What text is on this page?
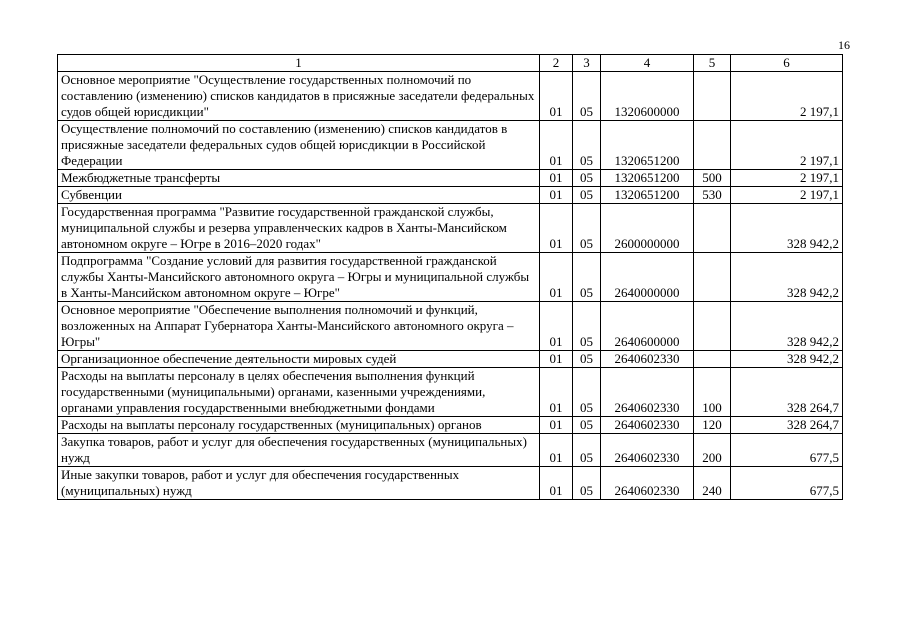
16
1	2	3	4	5	6
Основное мероприятие "Осуществление государственных полномочий по составлению (изменению) списков кандидатов в присяжные заседатели федеральных судов общей юрисдикции"	01	05	1320600000		2 197,1
Осуществление полномочий по составлению (изменению) списков кандидатов в присяжные заседатели федеральных судов общей юрисдикции в Российской Федерации	01	05	1320651200		2 197,1
Межбюджетные трансферты	01	05	1320651200	500	2 197,1
Субвенции	01	05	1320651200	530	2 197,1
Государственная программа "Развитие государственной гражданской службы, муниципальной службы и резерва управленческих кадров в Ханты-Мансийском автономном округе – Югре в 2016–2020 годах"	01	05	2600000000		328 942,2
Подпрограмма "Создание условий для развития государственной гражданской службы Ханты-Мансийского автономного округа – Югры и муниципальной службы в Ханты-Мансийском автономном округе – Югре"	01	05	2640000000		328 942,2
Основное мероприятие "Обеспечение выполнения полномочий и функций, возложенных на Аппарат Губернатора Ханты-Мансийского автономного округа – Югры"	01	05	2640600000		328 942,2
Организационное обеспечение деятельности мировых судей	01	05	2640602330		328 942,2
Расходы на выплаты персоналу в целях обеспечения выполнения функций государственными (муниципальными) органами, казенными учреждениями, органами управления государственными внебюджетными фондами	01	05	2640602330	100	328 264,7
Расходы на выплаты персоналу государственных (муниципальных) органов	01	05	2640602330	120	328 264,7
Закупка товаров, работ и услуг для обеспечения государственных (муниципальных) нужд	01	05	2640602330	200	677,5
Иные закупки товаров, работ и услуг для обеспечения государственных (муниципальных) нужд	01	05	2640602330	240	677,5
